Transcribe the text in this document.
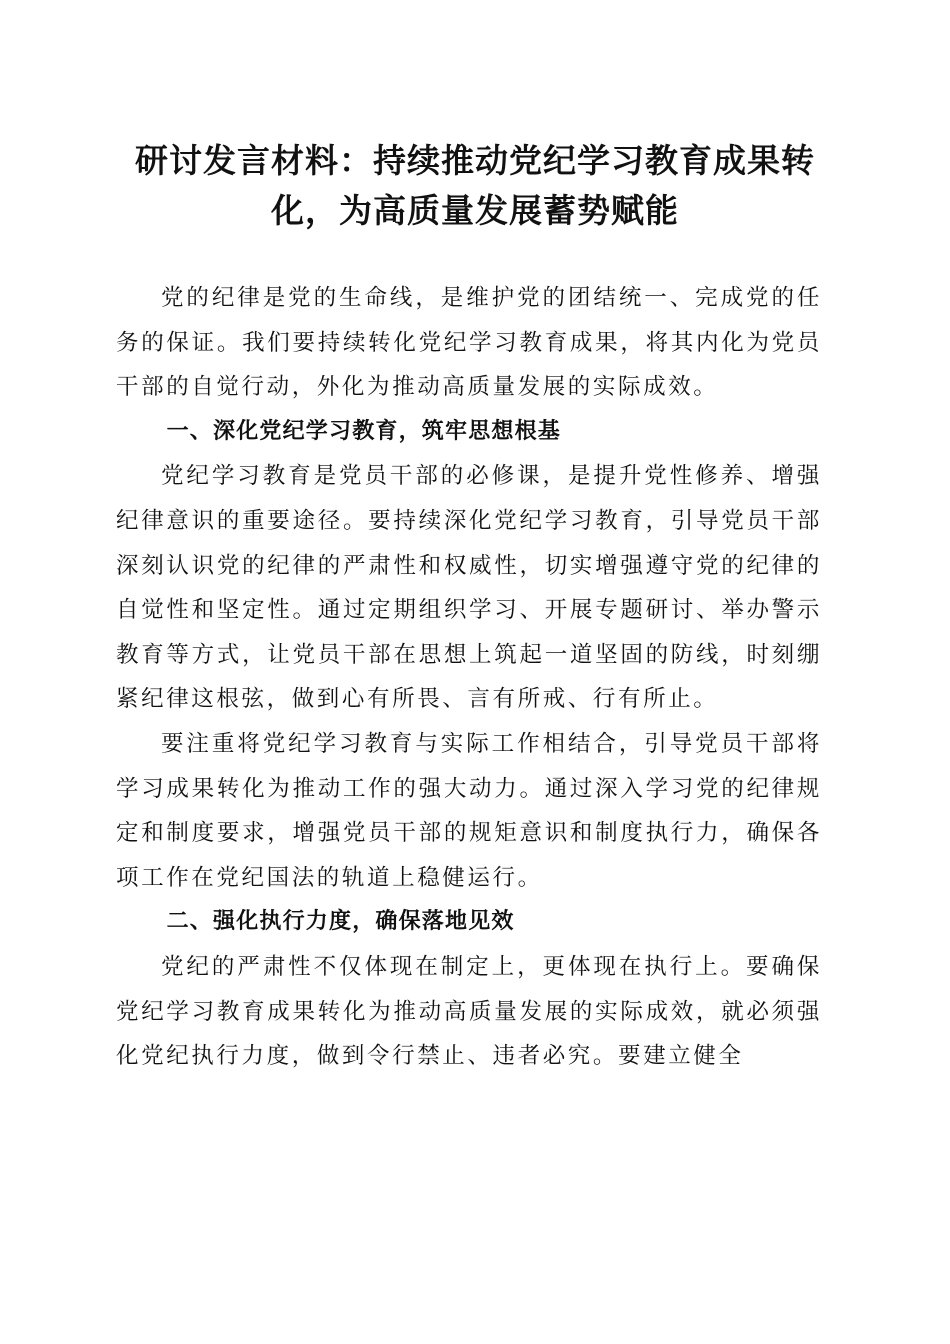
研讨发言材料：持续推动党纪学习教育成果转化，为高质量发展蓄势赋能

党的纪律是党的生命线，是维护党的团结统一、完成党的任务的保证。我们要持续转化党纪学习教育成果，将其内化为党员干部的自觉行动，外化为推动高质量发展的实际成效。

一、深化党纪学习教育，筑牢思想根基

党纪学习教育是党员干部的必修课，是提升党性修养、增强纪律意识的重要途径。要持续深化党纪学习教育，引导党员干部深刻认识党的纪律的严肃性和权威性，切实增强遵守党的纪律的自觉性和坚定性。通过定期组织学习、开展专题研讨、举办警示教育等方式，让党员干部在思想上筑起一道坚固的防线，时刻绷紧纪律这根弦，做到心有所畏、言有所戒、行有所止。

要注重将党纪学习教育与实际工作相结合，引导党员干部将学习成果转化为推动工作的强大动力。通过深入学习党的纪律规定和制度要求，增强党员干部的规矩意识和制度执行力，确保各项工作在党纪国法的轨道上稳健运行。

二、强化执行力度，确保落地见效

党纪的严肃性不仅体现在制定上，更体现在执行上。要确保党纪学习教育成果转化为推动高质量发展的实际成效，就必须强化党纪执行力度，做到令行禁止、违者必究。要建立健全
